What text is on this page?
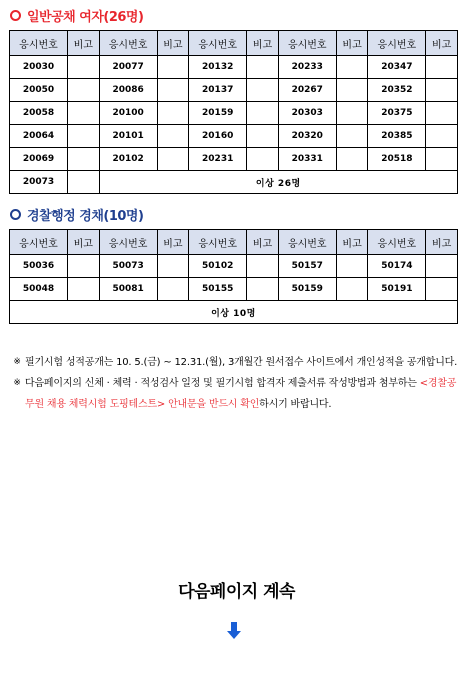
일반공채 여자(26명)
응시번호	비고	응시번호	비고	응시번호	비고	응시번호	비고	응시번호	비고
20030		20077		20132		20233		20347	
20050		20086		20137		20267		20352	
20058		20100		20159		20303		20375	
20064		20101		20160		20320		20385	
20069		20102		20231		20331		20518	
20073		이상 26명							
경찰행정 경채(10명)
응시번호	비고	응시번호	비고	응시번호	비고	응시번호	비고	응시번호	비고
50036		50073		50102		50157		50174	
50048		50081		50155		50159		50191	
이상 10명									
※ 필기시험 성적공개는 10. 5.(금) ~ 12.31.(월), 3개월간 원서접수 사이트에서 개인성적을 공개합니다.
※ 다음페이지의 신체 · 체력 · 적성검사 일정 및 필기시험 합격자 제출서류 작성방법과 첨부하는 <경찰공무원 채용 체력시험 도핑테스트> 안내문을 반드시 확인하시기 바랍니다.
다음페이지 계속
